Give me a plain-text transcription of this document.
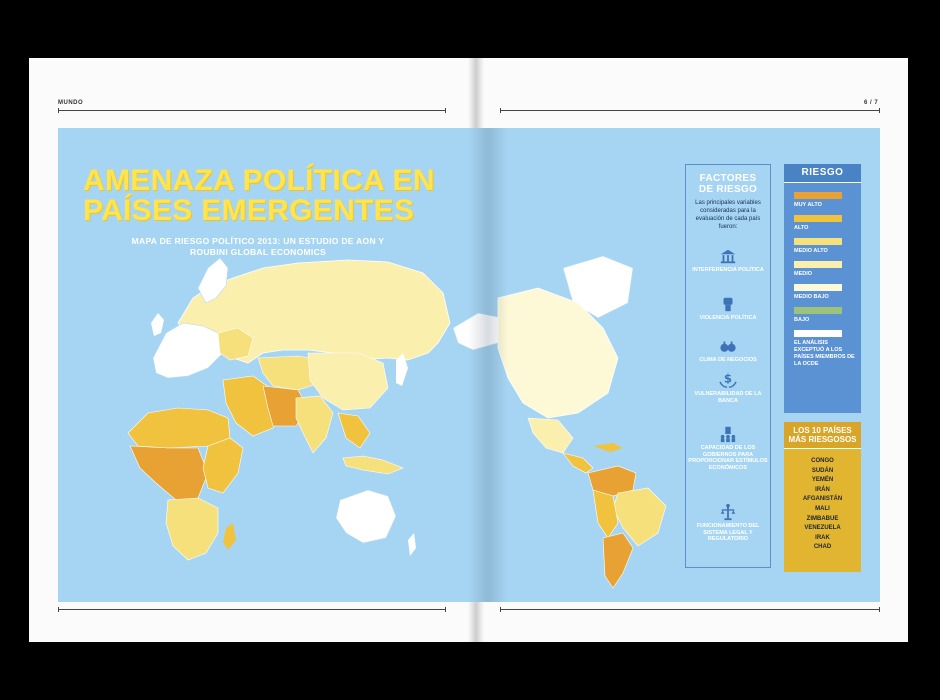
MUNDO	6 / 7
AMENAZA POLÍTICA EN
PAÍSES EMERGENTES
MAPA DE RIESGO POLÍTICO 2013: UN ESTUDIO DE AON Y
ROUBINI GLOBAL ECONOMICS
FACTORES
DE RIESGO
Las principales variables consideradas para la evaluación de cada país fueron:
INTERFERENCIA POLÍTICA
VIOLENCIA POLÍTICA
CLIMA DE NEGOCIOS
$
VULNERABILIDAD DE LA BANCA
CAPACIDAD DE LOS GOBIERNOS PARA PROPORCIONAR ESTÍMULOS ECONÓMICOS
FUNCIONAMIENTO DEL SISTEMA LEGAL Y REGULATORIO
RIESGO
MUY ALTO
ALTO
MEDIO ALTO
MEDIO
MEDIO BAJO
BAJO
EL ANÁLISIS EXCEPTUÓ A LOS PAÍSES MIEMBROS DE LA OCDE
LOS 10 PAÍSES MÁS RIESGOSOS
CONGO
SUDÁN
YEMÉN
IRÁN
AFGANISTÁN
MALI
ZIMBABUE
VENEZUELA
IRAK
CHAD
